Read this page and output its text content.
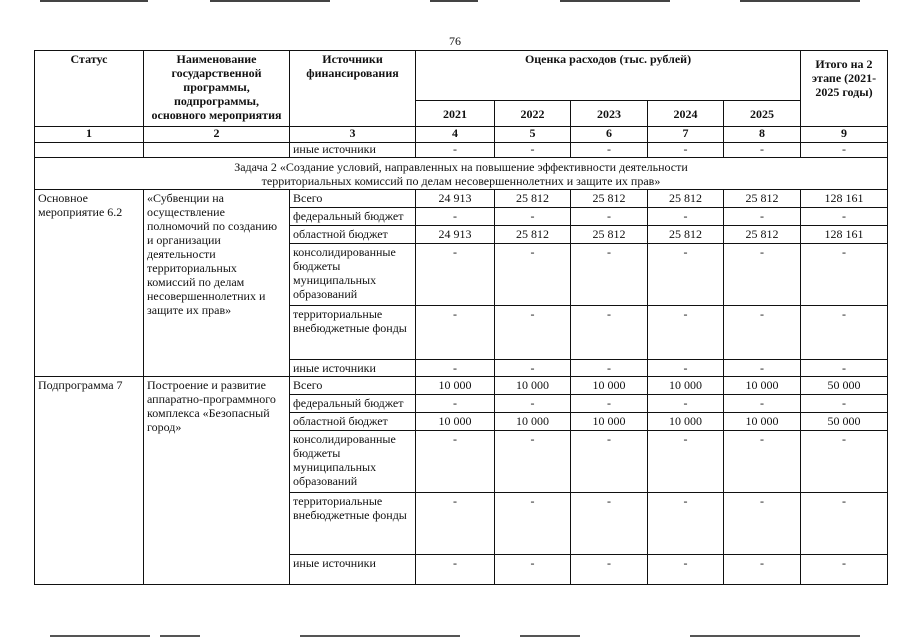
76
Статус	Наименование государственной программы, подпрограммы, основного мероприятия	Источники финансирования	Оценка расходов (тыс. рублей)					Итого на 2 этапе (2021-2025 годы)
			2021	2022	2023	2024	2025	
1	2	3	4	5	6	7	8	9
		иные источники	-	-	-	-	-	-
Задача 2 «Создание условий, направленных на повышение эффективности деятельности территориальных комиссий по делам несовершеннолетних и защите их прав»								
Основное мероприятие 6.2	«Субвенции на осуществление полномочий по созданию и организации деятельности территориальных комиссий по делам несовершеннолетних и защите их прав»	Всего	24 913	25 812	25 812	25 812	25 812	128 161
		федеральный бюджет	-	-	-	-	-	-
		областной бюджет	24 913	25 812	25 812	25 812	25 812	128 161
		консолидированные бюджеты муниципальных образований	-	-	-	-	-	-
		территориальные внебюджетные фонды	-	-	-	-	-	-
		иные источники	-	-	-	-	-	-
Подпрограмма 7	Построение и развитие аппаратно-программного комплекса «Безопасный город»	Всего	10 000	10 000	10 000	10 000	10 000	50 000
		федеральный бюджет	-	-	-	-	-	-
		областной бюджет	10 000	10 000	10 000	10 000	10 000	50 000
		консолидированные бюджеты муниципальных образований	-	-	-	-	-	-
		территориальные внебюджетные фонды	-	-	-	-	-	-
		иные источники	-	-	-	-	-	-
